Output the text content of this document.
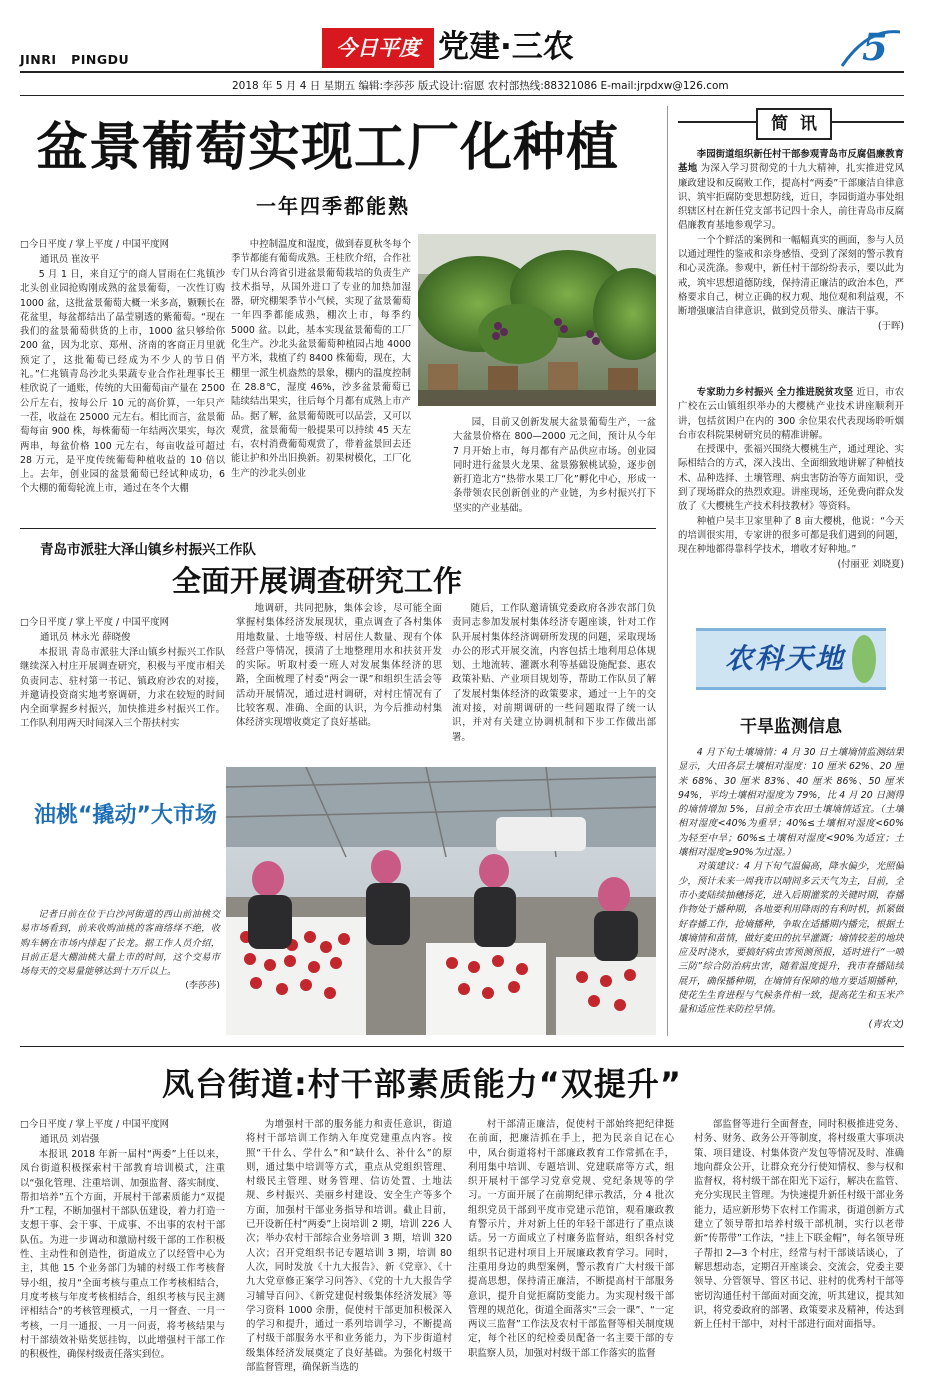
JINRI   PINGDU	今日平度 党建·三农	5
2018 年 5 月 4 日 星期五 编辑:李莎莎 版式设计:宿愿 农村部热线:88321086 E-mail:jrpdxw@126.com
盆景葡萄实现工厂化种植
一年四季都能熟
□今日平度 / 掌上平度 / 中国平度网
通讯员 崔汝平
5 月 1 日，来自辽宁的商人冒雨在仁兆镇沙北头创业园抢购刚成熟的盆景葡萄，一次性订购 1000 盆，这批盆景葡萄大概一米多高，颗颗长在花盆里，每盆都结出了晶莹剔透的紫葡萄。“现在我们的盆景葡萄供货的上市，1000 盆只够给你 200 盆，因为北京、郑州、济南的客商正月里就预定了，这批葡萄已经成为不少人的节日俏礼。”仁兆镇青岛沙北头果蔬专业合作社理事长王桂欣说了一通账，传统的大田葡萄亩产量在 2500 公斤左右，按每公斤 10 元的高价算，一年只产一茬，收益在 25000 元左右。相比而言，盆景葡萄每亩 900 株，每株葡萄一年结两次果实，每次两串，每盆价格 100 元左右，每亩收益可超过 28 万元，是平度传统葡萄种植收益的 10 倍以上。去年，创业园的盆景葡萄已经试种成功，6 个大棚的葡萄轮流上市，通过在冬个大棚
中控制温度和湿度，做到春夏秋冬每个季节都能有葡萄成熟。王桂欣介绍，合作社专门从台湾省引进盆景葡萄栽培的负责生产技术指导，从国外进口了专业的加热加湿器，研究棚架季节小气候，实现了盆景葡萄一年四季都能成熟，棚次上市，每季约 5000 盆。以此，基本实现盆景葡萄的工厂化生产。沙北头盆景葡萄种植园占地 4000 平方米，栽植了约 8400 株葡萄，现在，大棚里一派生机盎然的景象，棚内的温度控制在 28.8℃，湿度 46%，沙多盆景葡萄已陆续结出果实，往后每个月都有成熟上市产品。据了解，盆景葡萄既可以品尝，又可以观赏，盆景葡萄一般提果可以持续 45 天左右，农村消费葡萄观赏了，带着盆景回去还能让护和外出旧换新。初果树模化，工厂化生产的沙北头创业
园，目前又创新发展大盆景葡萄生产，一盆大盆景价格在 800—2000 元之间，预计从今年 7 月开始上市，每月都有产品供应市场。创业园同时进行盆景火龙果、盆景猕猴桃试验，逐步创新打造北方“热带水果工厂化”孵化中心，形成一条带领农民创新创业的产业链，为乡村振兴打下坚实的产业基础。
青岛市派驻大泽山镇乡村振兴工作队
全面开展调查研究工作
□今日平度 / 掌上平度 / 中国平度网
通讯员 林永光 薛晓俊
本报讯 青岛市派驻大泽山镇乡村振兴工作队继续深入村庄开展调查研究，积极与平度市相关负责同志、驻村第一书记、镇政府沙农的对接，并邀请投资商实地考察调研，力求在较短的时间内全面掌握乡村振兴，加快推进乡村振兴工作。工作队利用两天时间深入三个帮扶村实
地调研，共同把脉，集体会诊，尽可能全面掌握村集体经济发展现状，重点调查了各村集体用地数量、土地等级、村居住人数量、现有个体经营户等情况，摸清了土地整理用水和扶贫开发的实际。听取村委一班人对发展集体经济的思路，全面梳理了村委“两会一课”和组织生活会等活动开展情况，通过进村调研，对村庄情况有了比较客观、准确、全面的认识，为今后推动村集体经济实现增收奠定了良好基础。
随后，工作队邀请镇党委政府各涉农部门负责同志参加发展村集体经济专题座谈，针对工作队开展村集体经济调研所发现的问题，采取现场办公的形式开展交流，内容包括土地利用总体规划、土地流转、灌溉水利等基础设施配套、惠农政策补贴、产业项目规划等，帮助工作队员了解了发展村集体经济的政策要求，通过一上午的交流对接，对前期调研的一些问题取得了统一认识，并对有关建立协调机制和下步工作做出部署。
油桃“撬动”大市场
记者日前在位于白沙河街道的西山前油桃交易市场看到，前来收购油桃的客商络绎不绝，收购车辆在市场内排起了长龙。据工作人员介绍，目前正是大棚油桃大量上市的时间，这个交易市场每天的交易量能够达到十万斤以上。
(李莎莎)
凤台街道:村干部素质能力“双提升”
□今日平度 / 掌上平度 / 中国平度网
通讯员 刘岩强
本报讯 2018 年新一届村“两委”上任以来，凤台街道积极探索村干部教育培训模式，注重以“强化管理、注重培训、加强监督、落实制度、帮扣培养”五个方面，开展村干部素质能力“双提升”工程，不断加强村干部队伍建设，着力打造一支想干事、会干事、干成事、不出事的农村干部队伍。为进一步调动和激励村级干部的工作积极性、主动性和创造性，街道成立了以经管中心为主，其他 15 个业务部门为辅的村级工作考核督导小组，按月“全面考核与重点工作考核相结合，月度考核与年度考核相结合，组织考核与民主测评相结合”的考核管理模式，一月一督查、一月一考核，一月一通报、一月一问责，将考核结果与村干部绩效补贴奖惩挂钩，以此增强村干部工作的积极性，确保村级责任落实到位。
为增强村干部的服务能力和责任意识，街道将村干部培训工作纳入年度党建重点内容。按照“干什么、学什么”和“缺什么、补什么”的原则，通过集中培训等方式，重点从党组织管理、村级民主管理、财务管理、信访处置、土地法规、乡村振兴、美丽乡村建设、安全生产等多个方面，加强村干部业务指导和培训。截止目前，已开设新任村“两委”上岗培训 2 期，培训 226 人次；举办农村干部综合业务培训 3 期，培训 320 人次；召开党组织书记专题培训 3 期，培训 80 人次，同时发放《十九大报告》、新《党章》、《十九大党章修正案学习问答》、《党的十九大报告学习辅导百问》、《新党建促村级集体经济发展》等学习资料 1000 余册，促使村干部更加积极深入的学习和提升，通过一系列培训学习，不断提高了村级干部服务水平和业务能力，为下步街道村级集体经济发展奠定了良好基础。为强化村级干部监督管理，确保新当选的
村干部清正廉洁，促使村干部始终把纪律挺在前面，把廉洁抓在手上，把为民亲自记在心中，凤台街道将村干部廉政教育工作常抓在手，利用集中培训、专题培训、党建联席等方式，组织开展村干部学习党章党规、党纪条规等的学习。一方面开展了在前期纪律示教活，分 4 批次组织党员干部到平度市党建示范馆，观看廉政教育警示片，并对新上任的年轻干部进行了重点谈话。另一方面成立了村廉务监督站，组织各村党组织书记进村项目上开展廉政教育学习。同时，注重用身边的典型案例，警示教育广大村级干部提高思想，保持清正廉洁，不断提高村干部服务意识，提升自觉拒腐防变能力。为实现村级干部管理的规范化，街道全面落实“三会一课”、“一定两议三监督”工作法及农村干部监督等相关制度规定，每个社区的纪检委员配备一名主要干部的专职监察人员，加强对村级干部工作落实的监督
部监督等进行全面督查，同时积极推进党务、村务、财务、政务公开等制度，将村级重大事项决策、项目建设、村集体资产发包等情况及时、准确地向群众公开，让群众充分行使知情权、参与权和监督权，将村级干部在阳光下运行，解决在监管、充分实现民主管理。为快速提升新任村级干部业务能力，适应新形势下农村工作需求，街道创新方式建立了领导帮扣培养村级干部机制，实行以老带新“传帮带”工作法，“挂上下联金帽”，每名领导班子帮扣 2—3 个村庄，经常与村干部谈话谈心，了解思想动态，定期召开座谈会、交流会，党委主要领导、分管领导、管区书记、驻村的优秀村干部等密切沟通任村干部面对面交流，听其建议，提其知识，将党委政府的部署、政策要求及精神，传达到新上任村干部中，对村干部进行面对面指导。
简  讯
李园街道组织新任村干部参观青岛市反腐倡廉教育基地 为深入学习贯彻党的十九大精神，扎实推进党风廉政建设和反腐败工作，提高村“两委”干部廉洁自律意识、筑牢拒腐防变思想防线，近日，李园街道办事处组织辖区村在新任党支部书记四十余人，前往青岛市反腐倡廉教育基地参观学习。
一个个鲜活的案例和一幅幅真实的画面，参与人员以通过理性的鉴戒和亲身感悟、受到了深刻的警示教育和心灵洗涤。参观中，新任村干部纷纷表示，要以此为戒，筑牢思想道德防线，保持清正廉洁的政治本色，严格要求自己，树立正确的权力观、地位观和利益观，不断增强廉洁自律意识，做到党员带头、廉洁干事。
(于晖)
专家助力乡村振兴 全力推进脱贫攻坚 近日，市农广校在云山镇组织举办的大樱桃产业技术讲座顺利开讲，包括贫困户在内的 300 余位果农代表现场聆听烟台市农科院果树研究员的精准讲解。
在授课中，张福兴围绕大樱桃生产，通过理论、实际相结合的方式，深入浅出、全面细致地讲解了种植技术、品种选择、土壤管理、病虫害防治等方面知识，受到了现场群众的热烈欢迎。讲座现场，还免费向群众发放了《大樱桃生产技术科技教材》等资料。
种植户吴丰卫家里种了 8 亩大樱桃，他说：“今天的培训很实用，专家讲的很多可都是我们遇到的问题，现在种地都得靠科学技术，增收才好种地。”
(付丽亚 刘晓夏)
农科天地
干旱监测信息
4 月下旬土壤墒情：4 月 30 日土壤墒情监测结果显示，大田各层土壤相对湿度：10 厘米 62%、20 厘米 68%、30 厘米 83%、40 厘米 86%、50 厘米 94%，平均土壤相对湿度为 79%，比 4 月 20 日测得的墒情增加 5%，目前全市农田土壤墒情适宜。（土壤相对湿度<40%为重旱；40%≤土壤相对湿度<60%为轻至中旱；60%≤土壤相对湿度<90%为适宜；土壤相对湿度≥90%为过湿。）
对策建议：4 月下旬气温偏高，降水偏少，光照偏少，预计未来一周我市以晴间多云天气为主，目前，全市小麦陆续抽穗扬花，进入后期灌浆的关键时期，春播作物处于播种期，各地要利用降雨的有利时机，抓紧做好春播工作，抢墒播种，争取在适播期内播完，根据土壤墒情和苗情，做好麦田的抗旱灌溉；墒情较差的地块应及时浇水，要搞好病虫害预测预报，适时进行“一喷三防”综合防治病虫害，随着温度提升，我市春播陆续展开，确保播种期，在墒情有保障的地方要适期播种，使花生生育进程与气候条件相一致，提高花生和玉米产量和适应性来防控旱情。
(青农文)
